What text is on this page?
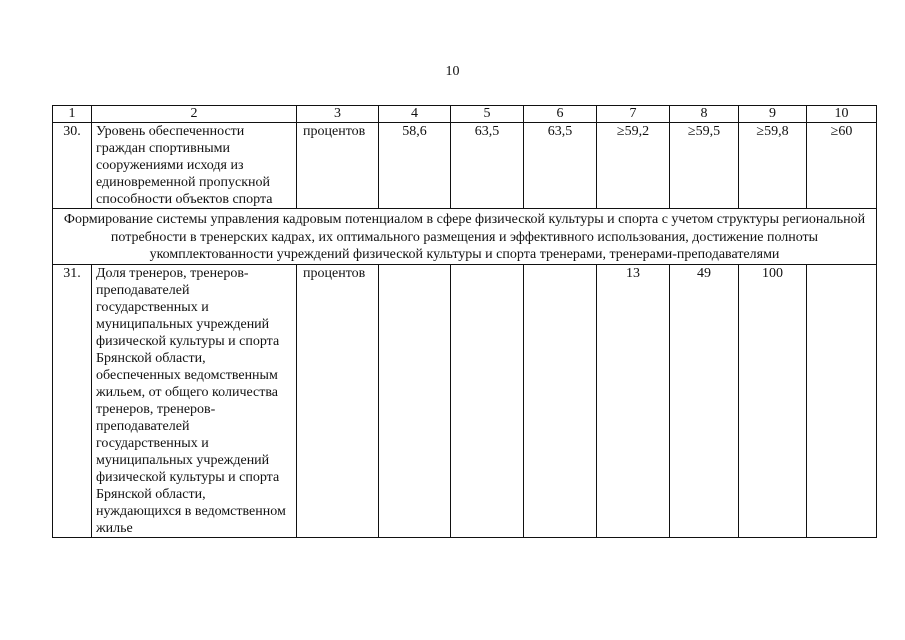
10
1	2	3	4	5	6	7	8	9	10
30.	Уровень обеспеченности граждан спортивными сооружениями исходя из единовременной пропускной способности объектов спорта	процентов	58,6	63,5	63,5	≥59,2	≥59,5	≥59,8	≥60
Формирование системы управления кадровым потенциалом в сфере физической культуры и спорта с учетом структуры региональной потребности в тренерских кадрах, их оптимального размещения и эффективного использования, достижение полноты укомплектованности учреждений физической культуры и спорта тренерами, тренерами-преподавателями									
31.	Доля тренеров, тренеров-преподавателей государственных и муниципальных учреждений физической культуры и спорта Брянской области, обеспеченных ведомственным жильем, от общего количества тренеров, тренеров-преподавателей государственных и муниципальных учреждений физической культуры и спорта Брянской области, нуждающихся в ведомственном жилье	процентов				13	49	100	
